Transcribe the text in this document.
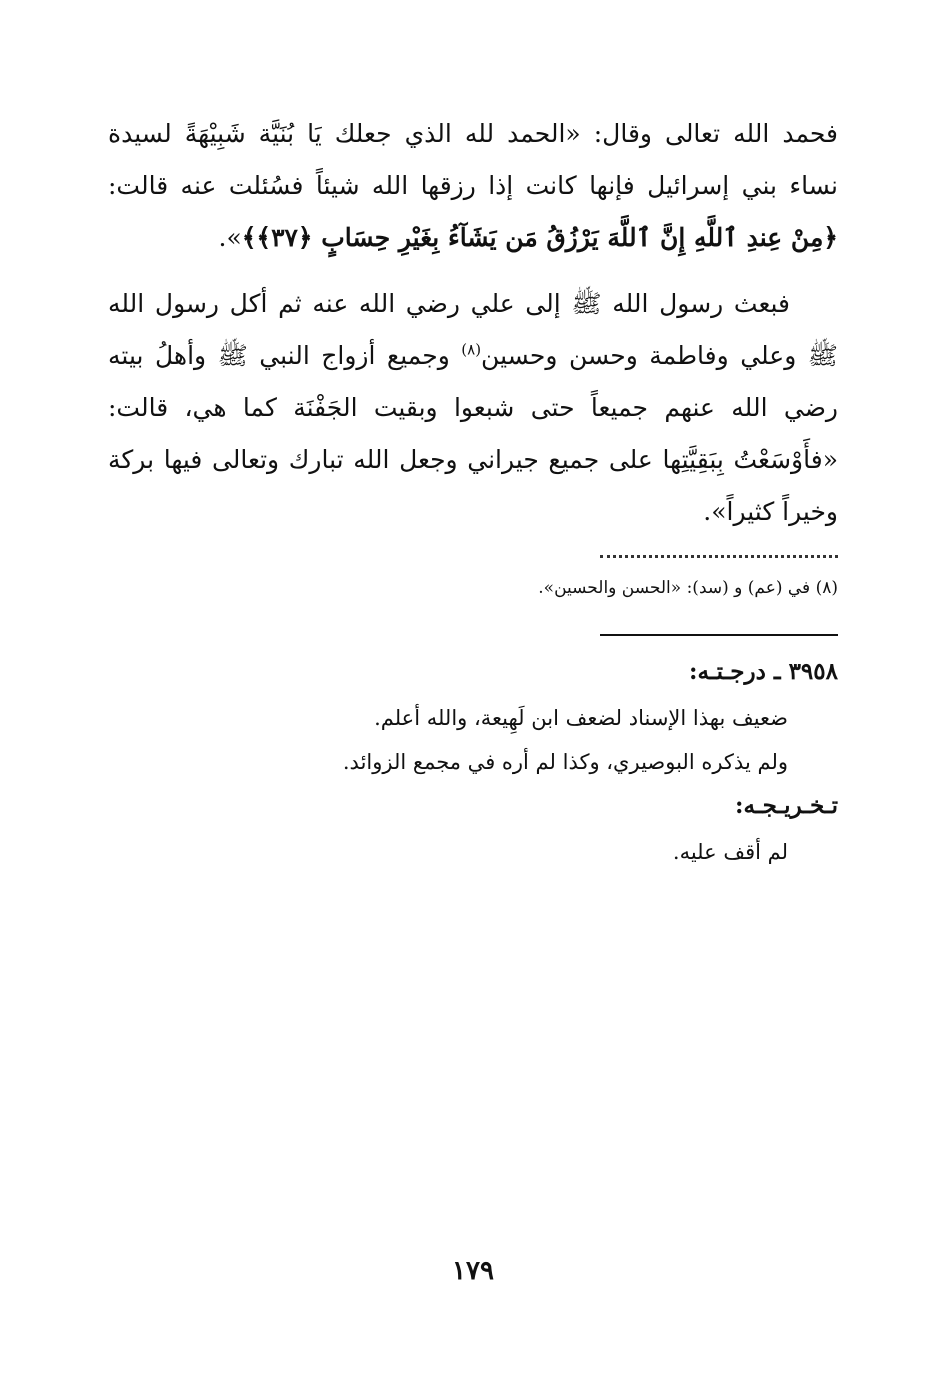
فحمد الله تعالى وقال: «الحمد لله الذي جعلك يَا بُنَيَّة شَبِيْهَةً لسيدة نساء بني إسرائيل فإنها كانت إذا رزقها الله شيئاً فسُئلت عنه قالت: ﴿مِنْ عِندِ ٱللَّهِ إِنَّ ٱللَّهَ يَرْزُقُ مَن يَشَآءُ بِغَيْرِ حِسَابٍ ﴿٣٧﴾﴾».

فبعث رسول الله ﷺ إلى علي رضي الله عنه ثم أكل رسول الله ﷺ وعلي وفاطمة وحسن وحسين$^{(٨)}$ وجميع أزواج النبي ﷺ وأهلُ بيته رضي الله عنهم جميعاً حتى شبعوا وبقيت الجَفْنَة كما هي، قالت: «فأَوْسَعْتُ بِبَقِيَّتِها على جميع جيراني وجعل الله تبارك وتعالى فيها بركة وخيراً كثيراً».

(٨) في (عم) و (سد): «الحسن والحسين».
٣٩٥٨ ـ درجـتـه:
ضعيف بهذا الإسناد لضعف ابن لَهِيعة، والله أعلم.
ولم يذكره البوصيري، وكذا لم أره في مجمع الزوائد.
تـخـريـجـه:
لم أقف عليه.
١٧٩
